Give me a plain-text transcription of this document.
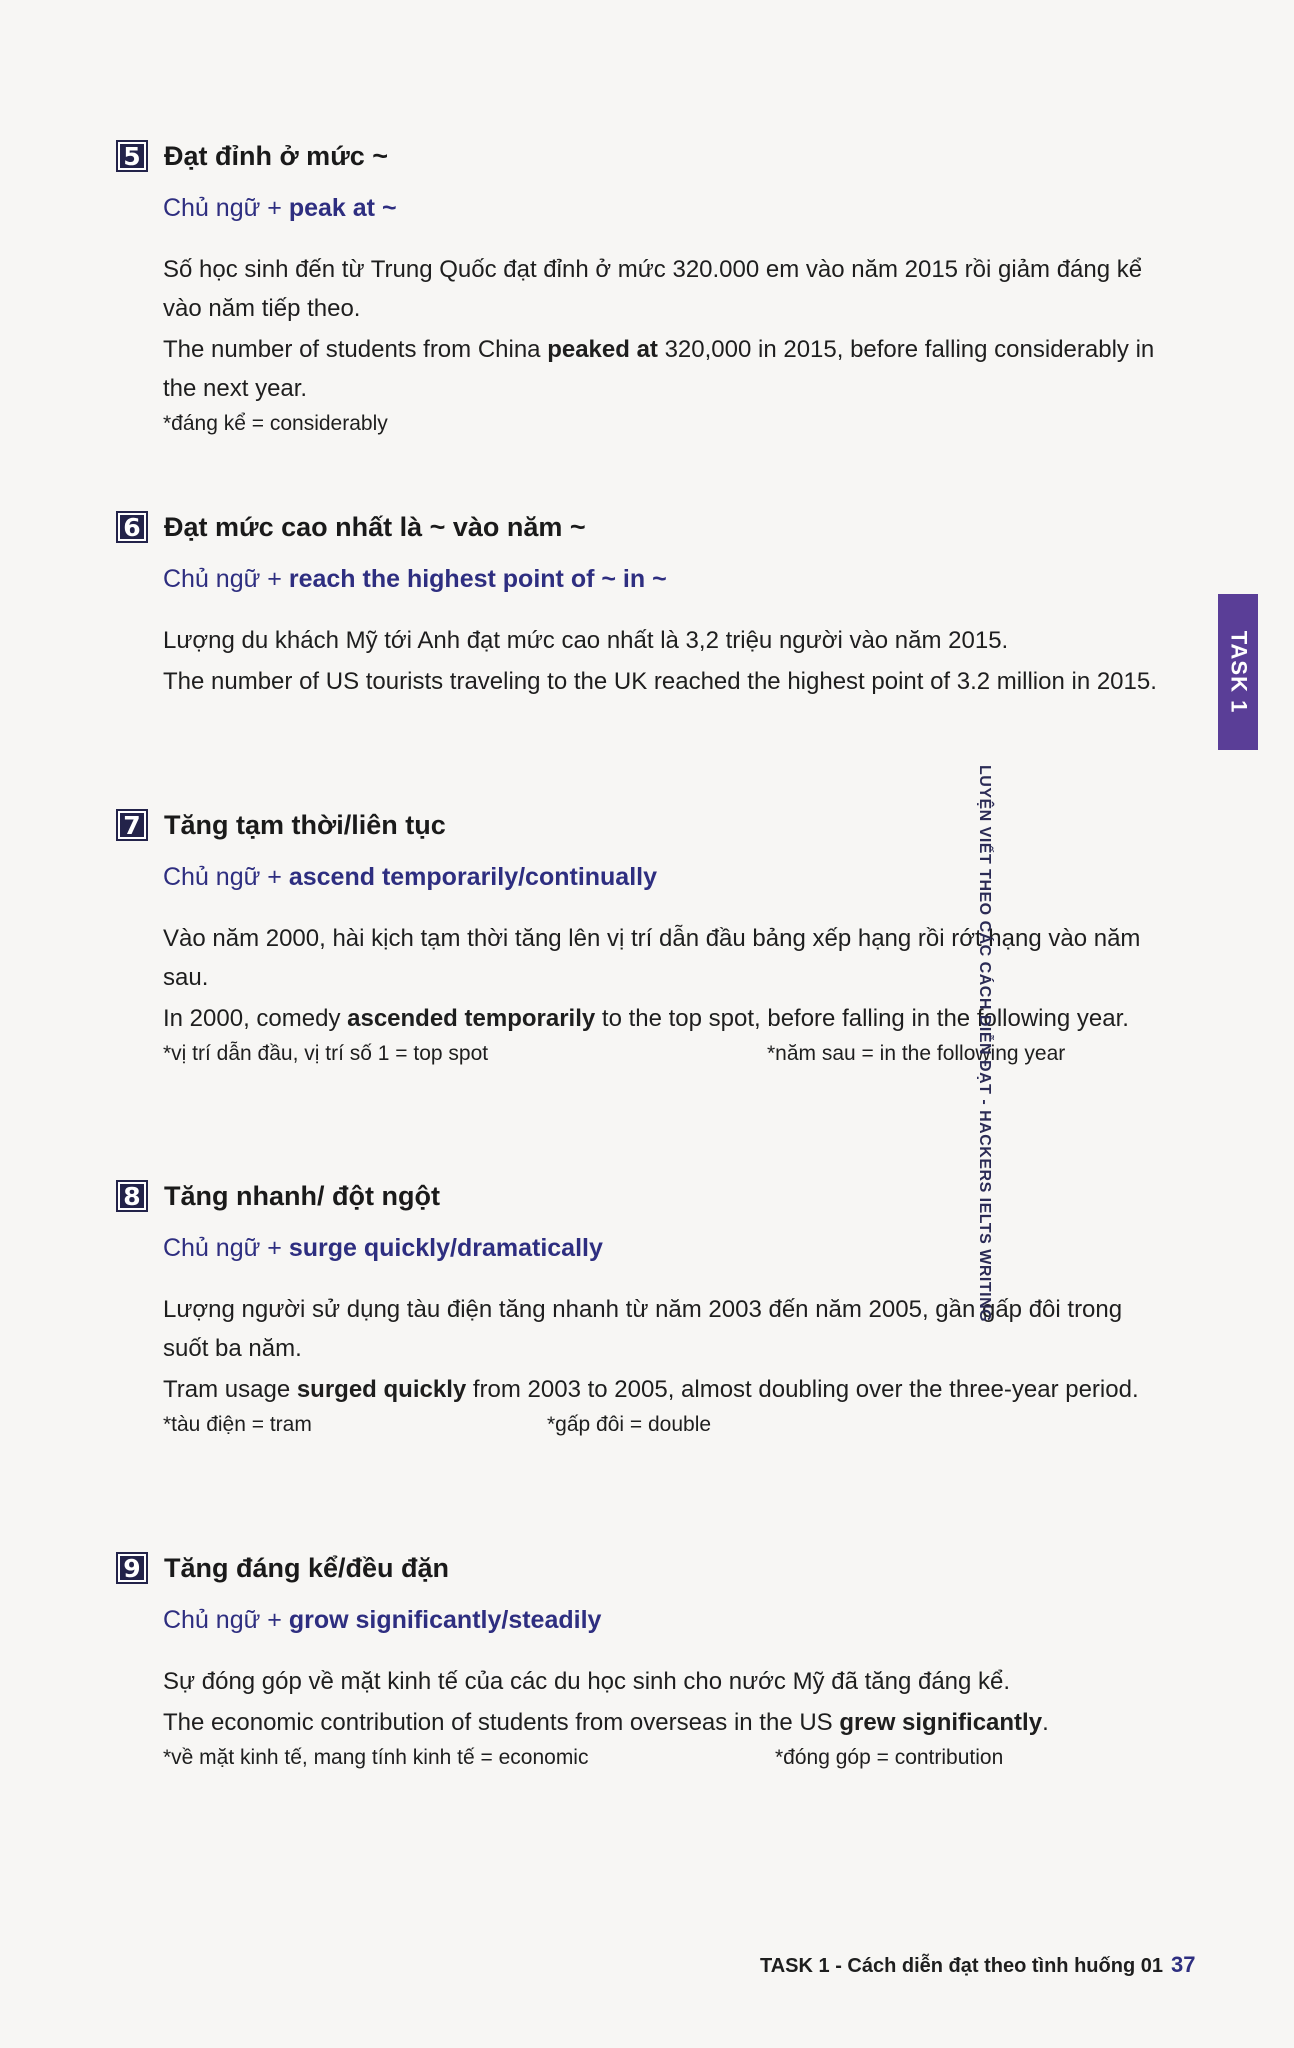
5 Đạt đỉnh ở mức ~
Chủ ngữ + peak at ~
Số học sinh đến từ Trung Quốc đạt đỉnh ở mức 320.000 em vào năm 2015 rồi giảm đáng kể vào năm tiếp theo.
The number of students from China peaked at 320,000 in 2015, before falling considerably in the next year.
*đáng kể = considerably
6 Đạt mức cao nhất là ~ vào năm ~
Chủ ngữ + reach the highest point of ~ in ~
Lượng du khách Mỹ tới Anh đạt mức cao nhất là 3,2 triệu người vào năm 2015.
The number of US tourists traveling to the UK reached the highest point of 3.2 million in 2015.
7 Tăng tạm thời/liên tục
Chủ ngữ + ascend temporarily/continually
Vào năm 2000, hài kịch tạm thời tăng lên vị trí dẫn đầu bảng xếp hạng rồi rớt hạng vào năm sau.
In 2000, comedy ascended temporarily to the top spot, before falling in the following year.
*vị trí dẫn đầu, vị trí số 1 = top spot	*năm sau = in the following year
8 Tăng nhanh/ đột ngột
Chủ ngữ + surge quickly/dramatically
Lượng người sử dụng tàu điện tăng nhanh từ năm 2003 đến năm 2005, gần gấp đôi trong suốt ba năm.
Tram usage surged quickly from 2003 to 2005, almost doubling over the three-year period.
*tàu điện = tram	*gấp đôi = double
9 Tăng đáng kể/đều đặn
Chủ ngữ + grow significantly/steadily
Sự đóng góp về mặt kinh tế của các du học sinh cho nước Mỹ đã tăng đáng kể.
The economic contribution of students from overseas in the US grew significantly.
*về mặt kinh tế, mang tính kinh tế = economic	*đóng góp = contribution
TASK 1
LUYỆN VIẾT THEO CÁC CÁCH DIỄN ĐẠT - HACKERS IELTS WRITING
TASK 1 - Cách diễn đạt theo tình huống 01 37
